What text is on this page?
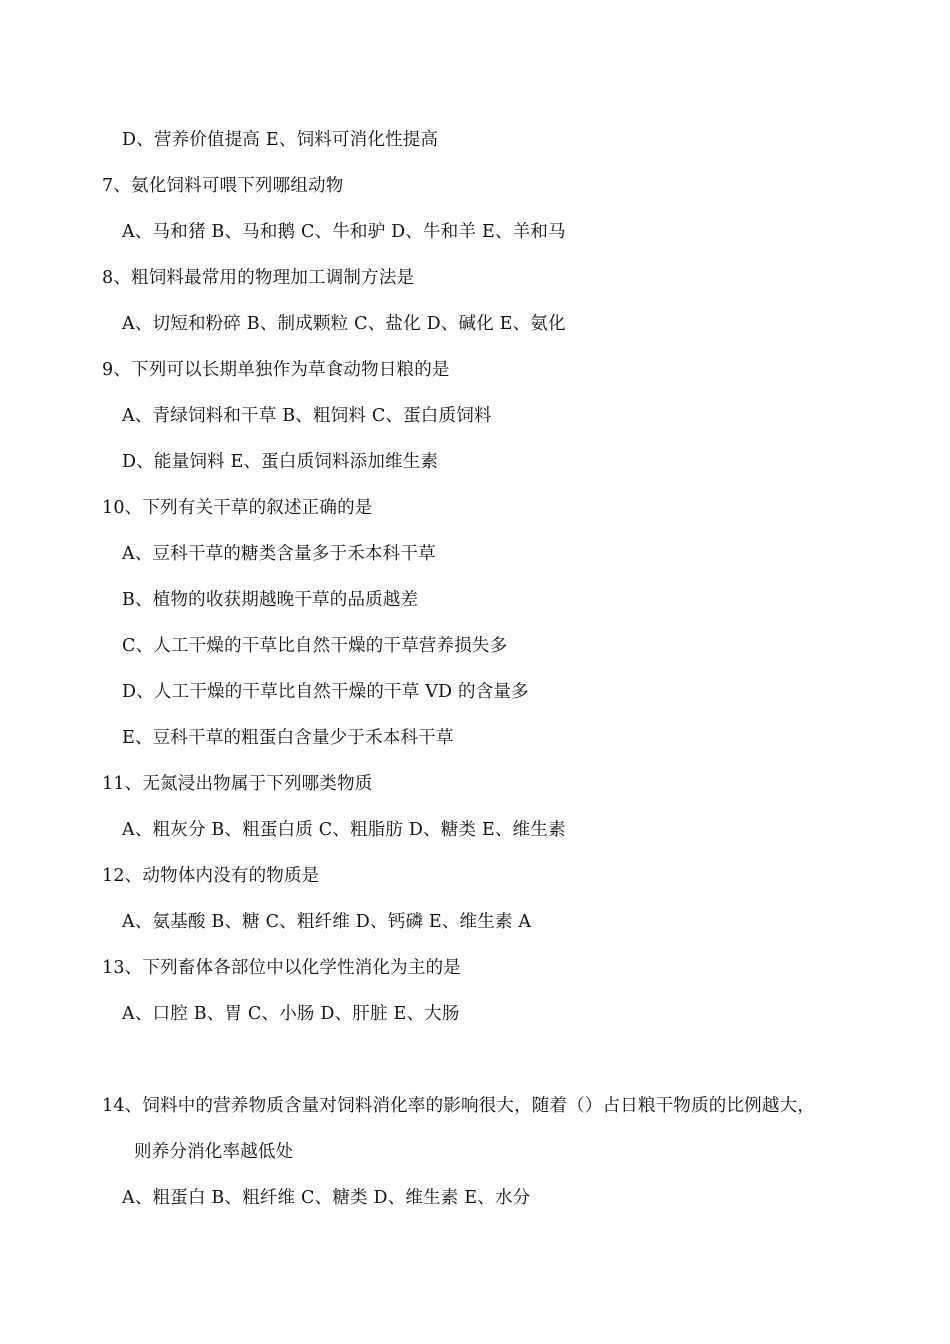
D、营养价值提高 E、饲料可消化性提高
7、氨化饲料可喂下列哪组动物
A、马和猪 B、马和鹅 C、牛和驴 D、牛和羊 E、羊和马
8、粗饲料最常用的物理加工调制方法是
A、切短和粉碎 B、制成颗粒 C、盐化 D、碱化 E、氨化
9、下列可以长期单独作为草食动物日粮的是
A、青绿饲料和干草 B、粗饲料 C、蛋白质饲料
D、能量饲料 E、蛋白质饲料添加维生素
10、下列有关干草的叙述正确的是
A、豆科干草的糖类含量多于禾本科干草
B、植物的收获期越晚干草的品质越差
C、人工干燥的干草比自然干燥的干草营养损失多
D、人工干燥的干草比自然干燥的干草 VD 的含量多
E、豆科干草的粗蛋白含量少于禾本科干草
11、无氮浸出物属于下列哪类物质
A、粗灰分 B、粗蛋白质 C、粗脂肪 D、糖类 E、维生素
12、动物体内没有的物质是
A、氨基酸 B、糖 C、粗纤维 D、钙磷 E、维生素 A
13、下列畜体各部位中以化学性消化为主的是
A、口腔 B、胃 C、小肠 D、肝脏 E、大肠
14、饲料中的营养物质含量对饲料消化率的影响很大，随着（）占日粮干物质的比例越大，
则养分消化率越低处
A、粗蛋白 B、粗纤维 C、糖类 D、维生素 E、水分
